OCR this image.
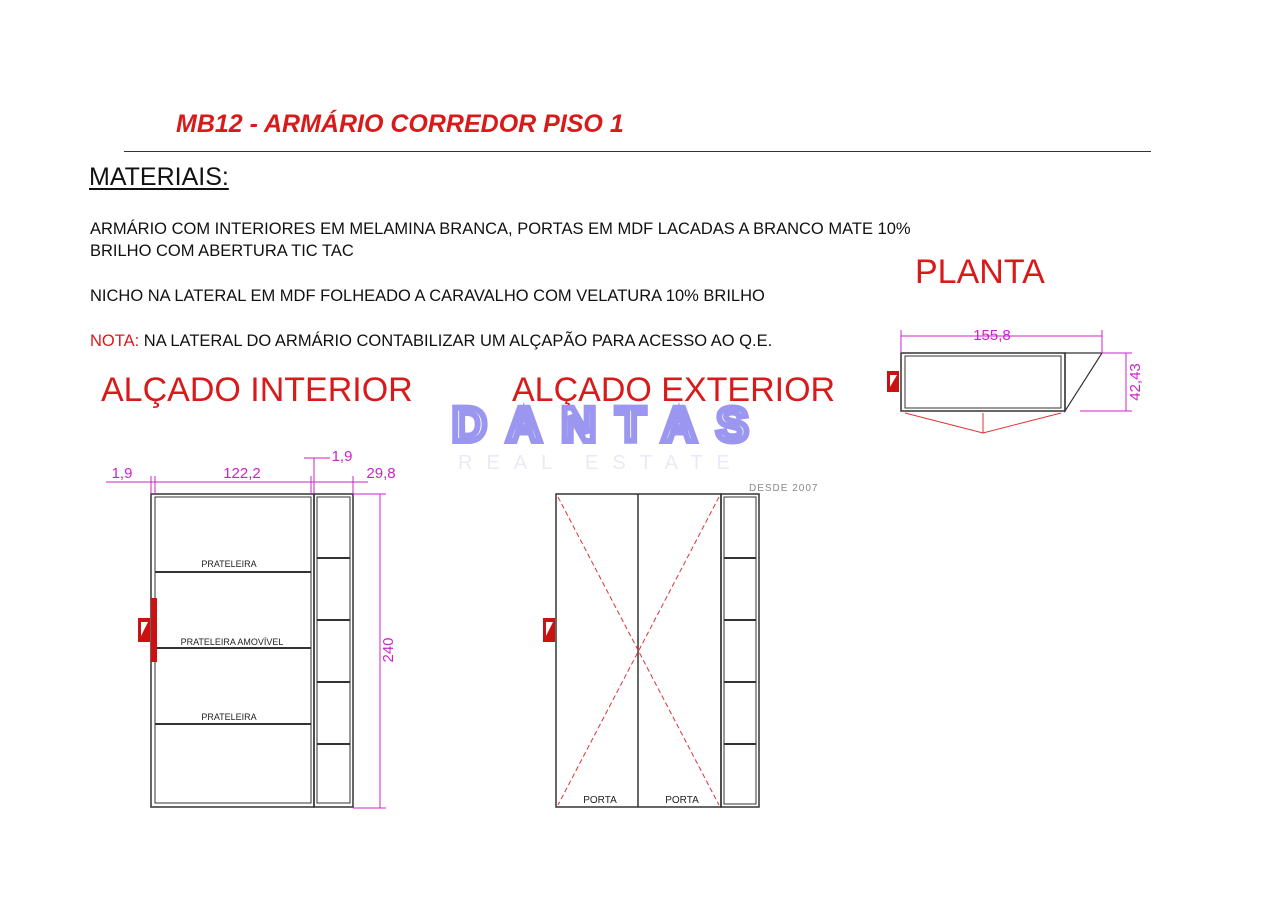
MB12 - ARMÁRIO CORREDOR PISO 1
MATERIAIS:
ARMÁRIO COM INTERIORES EM MELAMINA BRANCA, PORTAS EM MDF LACADAS A BRANCO MATE 10%
BRILHO COM ABERTURA TIC TAC
NICHO NA LATERAL EM MDF FOLHEADO A CARAVALHO COM VELATURA 10% BRILHO
NOTA: NA LATERAL DO ARMÁRIO CONTABILIZAR UM ALÇAPÃO PARA ACESSO AO Q.E.
ALÇADO INTERIOR	ALÇADO EXTERIOR
PLANTA
PRATELEIRA
PRATELEIRA AMOVÍVEL
PRATELEIRA
1,9	122,2
1,9
29,8
240
PORTA	PORTA
155,8
42,43
DANTAS
REAL ESTATE
DESDE 2007
